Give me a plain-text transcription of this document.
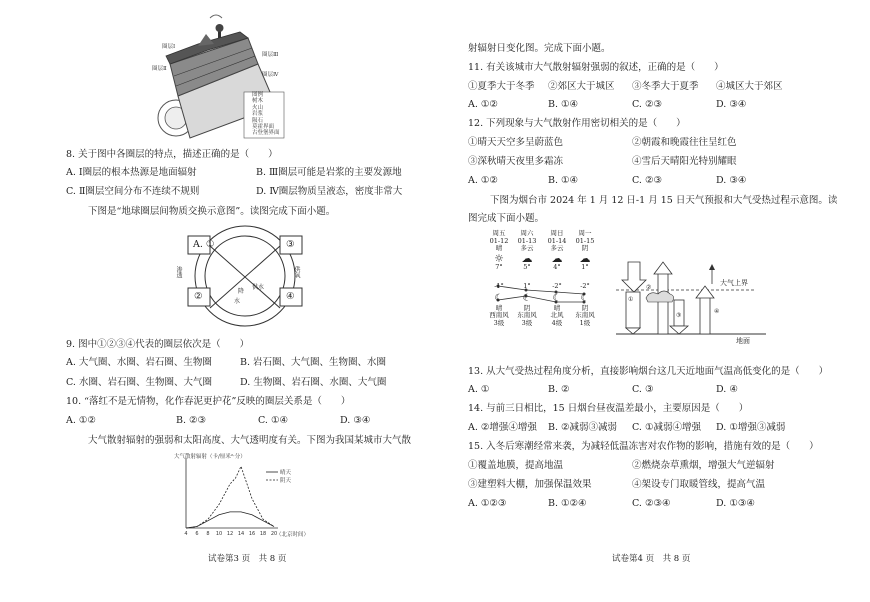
圈层Ⅰ
圈层Ⅱ
圈层Ⅲ
圈层Ⅳ
图例
树木
火山
岩浆
陨石
莫霍界面
古登堡界面
8. 关于图中各圈层的特点，描述正确的是（　　）
A. Ⅰ圈层的根本热源是地面辐射	B. Ⅲ圈层可能是岩浆的主要发源地
C. Ⅱ圈层空间分布不连续不规则	D. Ⅳ圈层物质呈液态，密度非常大
下图是“地球圈层间物质交换示意图”。读图完成下面小题。
A. ①
②
③
④
渗透	供氧
供水
降
水
9. 图中①②③④代表的圈层依次是（　　）
A. 大气圈、水圈、岩石圈、生物圈	B. 岩石圈、大气圈、生物圈、水圈
C. 水圈、岩石圈、生物圈、大气圈	D. 生物圈、岩石圈、水圈、大气圈
10. “落红不是无情物，化作春泥更护花”反映的圈层关系是（　　）
A. ①②	B. ②③	C. ①④	D. ③④
大气散射辐射的强弱和太阳高度、大气透明度有关。下图为我国某城市大气散
大气散射辐射（卡/厘米²·分）
4 6 8 10 12 14 16 18 20
（北京时间）
晴天
阴天
试卷第3 页　共 8 页
射辐射日变化图。完成下面小题。
11. 有关该城市大气散射辐射强弱的叙述，正确的是（　　）
①夏季大于冬季 ②郊区大于城区 ③冬季大于夏季 ④城区大于郊区
A. ①②	B. ①④	C. ②③	D. ③④
12. 下列现象与大气散射作用密切相关的是（　　）
①晴天天空多呈蔚蓝色	②朝霞和晚霞往往呈红色
③深秋晴天夜里多霜冻	④雪后天晴阳光特别耀眼
A. ①②	B. ①④	C. ②③	D. ③④
下图为烟台市 2024 年 1 月 12 日-1 月 15 日天气预报和大气受热过程示意图。读
图完成下面小题。
周五
01-12
晴
☼
7°
-1°
☾
晴
西南风
3级
周六
01-13
多云
☁
5°
1°
☾
阴
东南风
3级
周日
01-14
多云
☁
4°
-2°
☾
晴
北风
4级
周一
01-15
阴
☁
1°
-2°
☾
阴
东南风
1级
大气上界
地面
①
②
③
④
13. 从大气受热过程角度分析，直接影响烟台这几天近地面气温高低变化的是（　　）
A. ①	B. ②	C. ③	D. ④
14. 与前三日相比，15 日烟台昼夜温差最小，主要原因是（　　）
A. ②增强④增强 B. ②减弱③减弱 C. ①减弱④增强 D. ①增强③减弱
15. 入冬后寒潮经常来袭，为减轻低温冻害对农作物的影响，措施有效的是（　　）
①覆盖地膜，提高地温	②燃烧杂草熏烟，增强大气逆辐射
③建塑料大棚，加强保温效果	④架设专门取暖管线，提高气温
A. ①②③	B. ①②④	C. ②③④	D. ①③④
试卷第4 页　共 8 页
